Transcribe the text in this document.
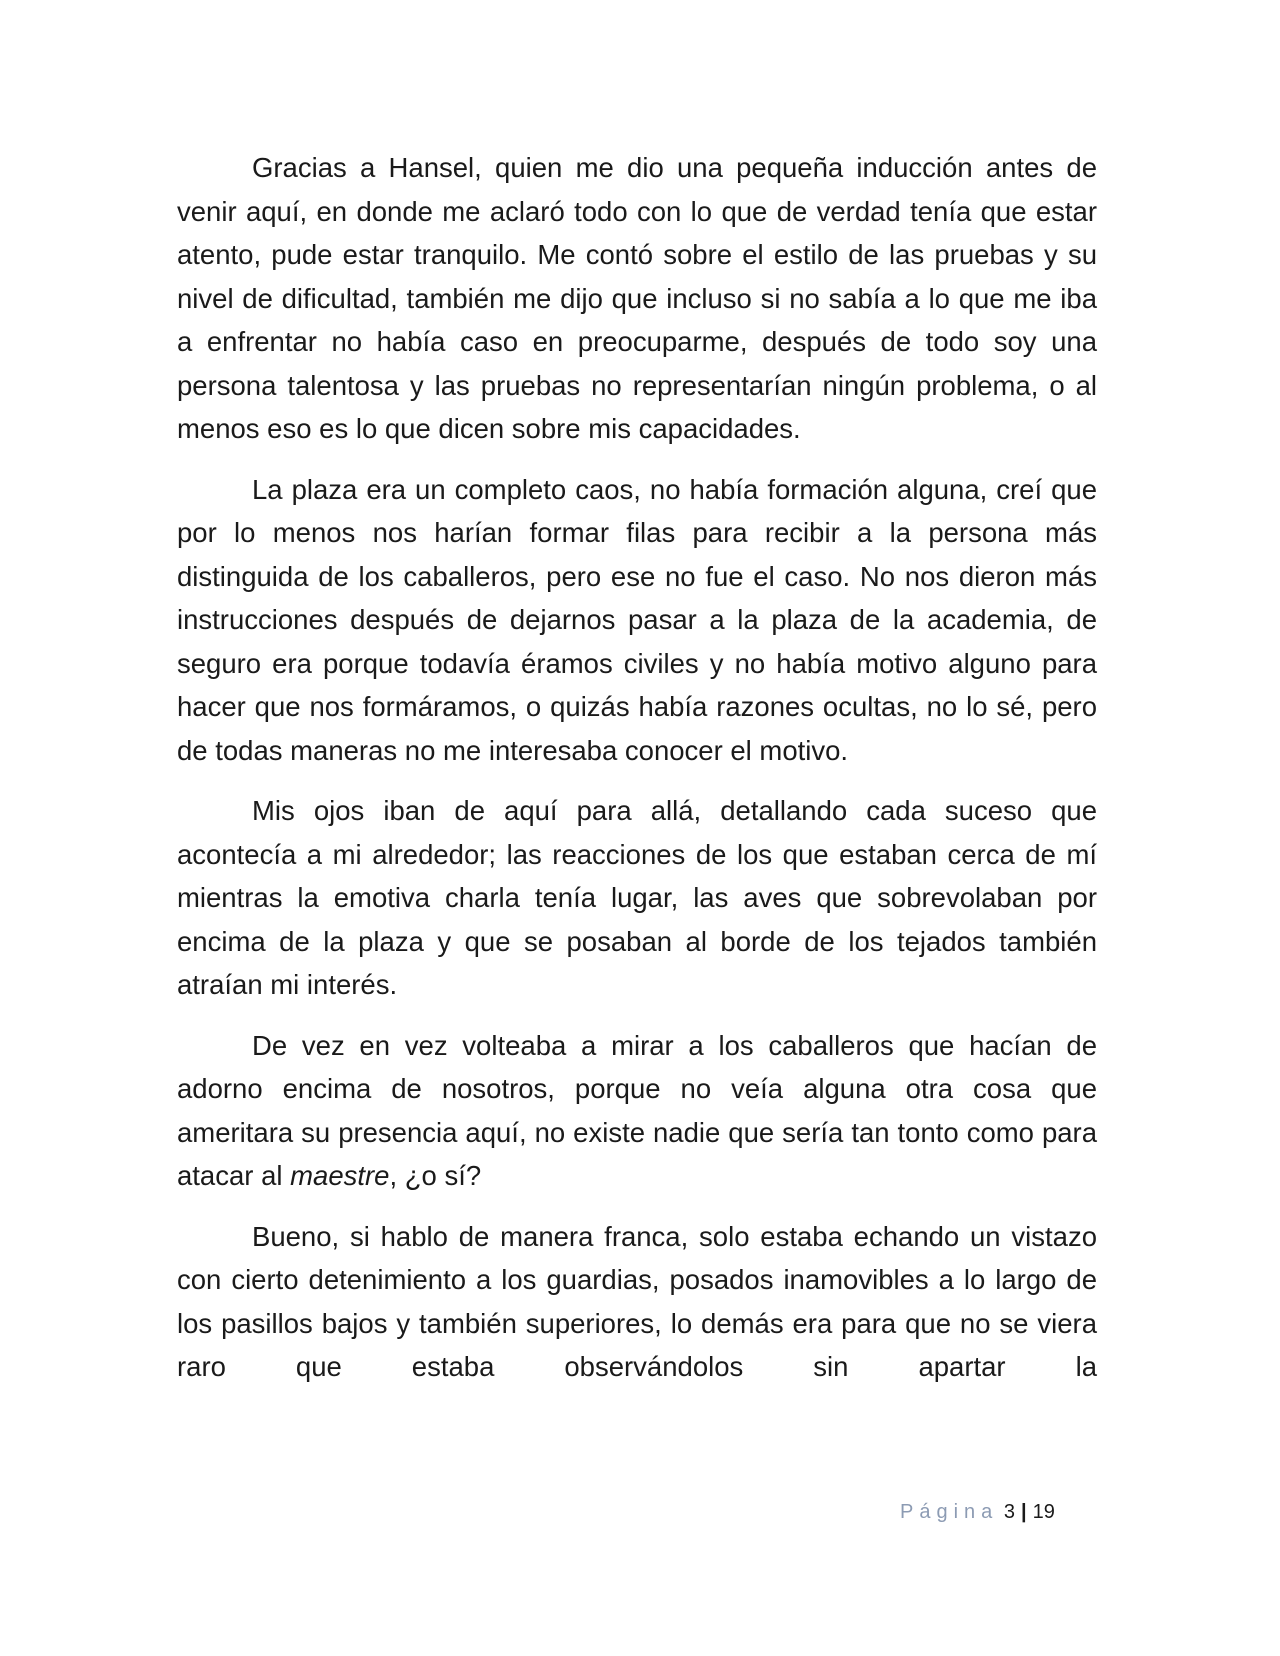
Gracias a Hansel, quien me dio una pequeña inducción antes de venir aquí, en donde me aclaró todo con lo que de verdad tenía que estar atento, pude estar tranquilo. Me contó sobre el estilo de las pruebas y su nivel de dificultad, también me dijo que incluso si no sabía a lo que me iba a enfrentar no había caso en preocuparme, después de todo soy una persona talentosa y las pruebas no representarían ningún problema, o al menos eso es lo que dicen sobre mis capacidades.

La plaza era un completo caos, no había formación alguna, creí que por lo menos nos harían formar filas para recibir a la persona más distinguida de los caballeros, pero ese no fue el caso. No nos dieron más instrucciones después de dejarnos pasar a la plaza de la academia, de seguro era porque todavía éramos civiles y no había motivo alguno para hacer que nos formáramos, o quizás había razones ocultas, no lo sé, pero de todas maneras no me interesaba conocer el motivo.

Mis ojos iban de aquí para allá, detallando cada suceso que acontecía a mi alrededor; las reacciones de los que estaban cerca de mí mientras la emotiva charla tenía lugar, las aves que sobrevolaban por encima de la plaza y que se posaban al borde de los tejados también atraían mi interés.

De vez en vez volteaba a mirar a los caballeros que hacían de adorno encima de nosotros, porque no veía alguna otra cosa que ameritara su presencia aquí, no existe nadie que sería tan tonto como para atacar al maestre, ¿o sí?

Bueno, si hablo de manera franca, solo estaba echando un vistazo con cierto detenimiento a los guardias, posados inamovibles a lo largo de los pasillos bajos y también superiores, lo demás era para que no se viera raro que estaba observándolos sin apartar la

Página 3 | 19
